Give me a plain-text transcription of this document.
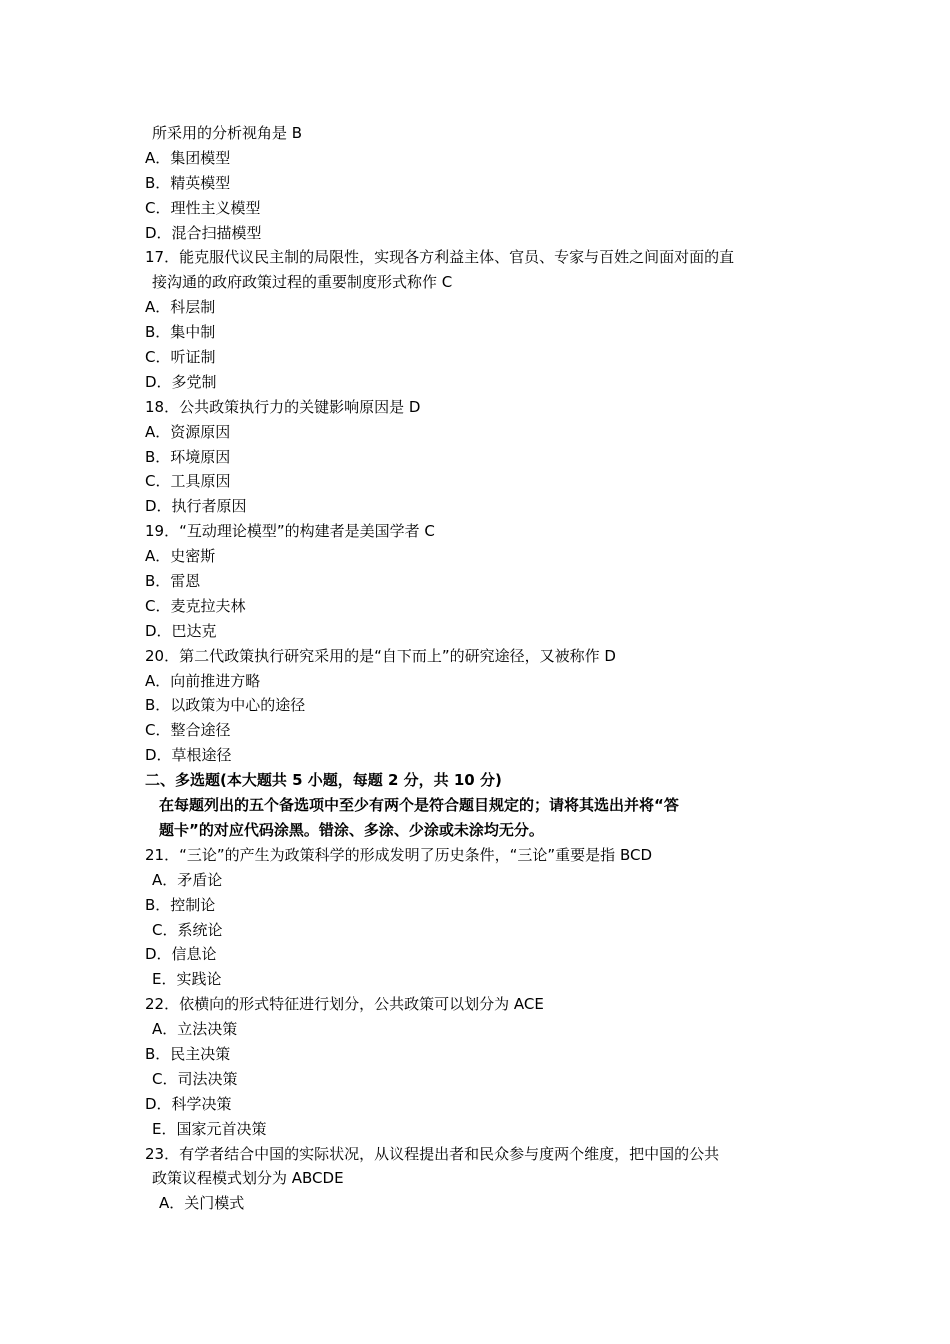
所采用的分析视角是 B
A．集团模型
B．精英模型
C．理性主义模型
D．混合扫描模型
17．能克服代议民主制的局限性，实现各方利益主体、官员、专家与百姓之间面对面的直
接沟通的政府政策过程的重要制度形式称作 C
A．科层制
B．集中制
C．听证制
D．多党制
18．公共政策执行力的关键影响原因是 D
A．资源原因
B．环境原因
C．工具原因
D．执行者原因
19．“互动理论模型”的构建者是美国学者 C
A．史密斯
B．雷恩
C．麦克拉夫林
D．巴达克
20．第二代政策执行研究采用的是“自下而上”的研究途径，又被称作 D
A．向前推进方略
B．以政策为中心的途径
C．整合途径
D．草根途径
二、多选题(本大题共 5 小题，每题 2 分，共 10 分)
在每题列出的五个备选项中至少有两个是符合题目规定的；请将其选出并将“答
题卡”的对应代码涂黑。错涂、多涂、少涂或未涂均无分。
21．“三论”的产生为政策科学的形成发明了历史条件，“三论”重要是指 BCD
A．矛盾论
B．控制论
C．系统论
D．信息论
E．实践论
22．依横向的形式特征进行划分，公共政策可以划分为 ACE
A．立法决策
B．民主决策
C．司法决策
D．科学决策
E．国家元首决策
23．有学者结合中国的实际状况，从议程提出者和民众参与度两个维度，把中国的公共
政策议程模式划分为 ABCDE
A．关门模式
